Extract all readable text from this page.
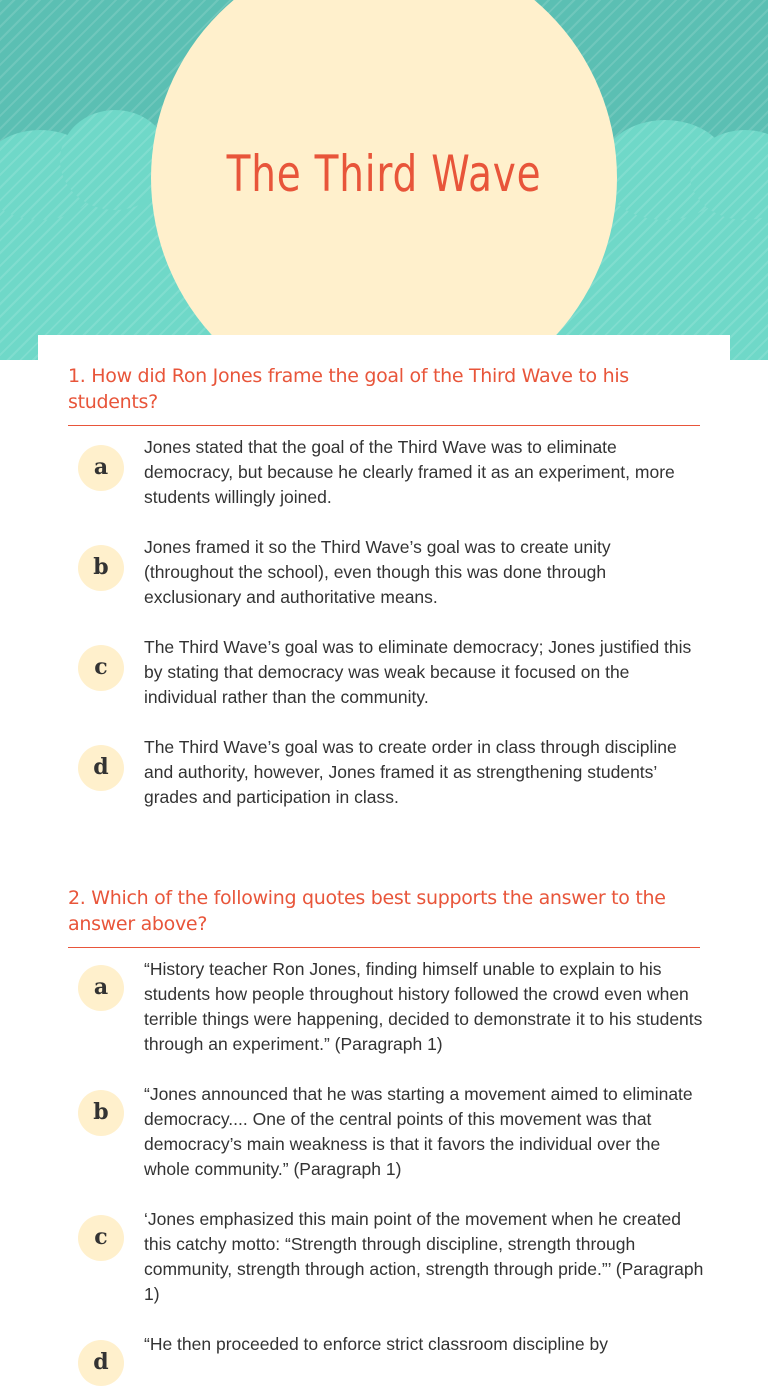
The Third Wave

1. How did Ron Jones frame the goal of the Third Wave to his students?

a

Jones stated that the goal of the Third Wave was to eliminate democracy, but because he clearly framed it as an experiment, more students willingly joined.

b

Jones framed it so the Third Wave’s goal was to create unity (throughout the school), even though this was done through exclusionary and authoritative means.

c

The Third Wave’s goal was to eliminate democracy; Jones justified this by stating that democracy was weak because it focused on the individual rather than the community.

d

The Third Wave’s goal was to create order in class through discipline and authority, however, Jones framed it as strengthening students’ grades and participation in class.

2. Which of the following quotes best supports the answer to the answer above?

a

“History teacher Ron Jones, finding himself unable to explain to his students how people throughout history followed the crowd even when terrible things were happening, decided to demonstrate it to his students through an experiment.” (Paragraph 1)

b

“Jones announced that he was starting a movement aimed to eliminate democracy.... One of the central points of this movement was that democracy’s main weakness is that it favors the individual over the whole community.” (Paragraph 1)

c

‘Jones emphasized this main point of the movement when he created this catchy motto: “Strength through discipline, strength through community, strength through action, strength through pride.”’ (Paragraph 1)

d

“He then proceeded to enforce strict classroom discipline by
